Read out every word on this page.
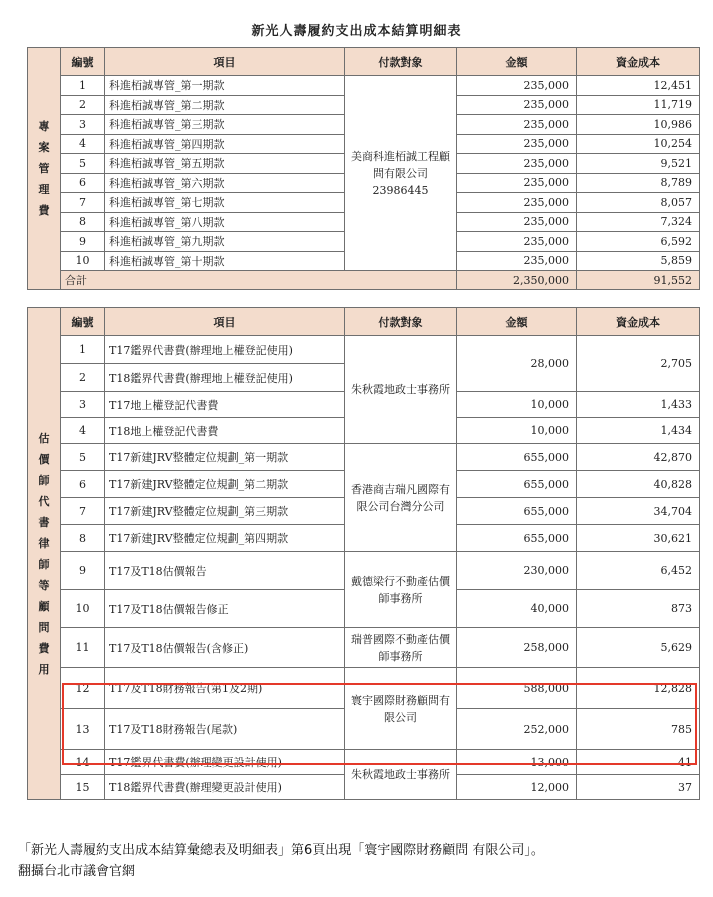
新光人壽履約支出成本結算明細表
專案管理費	編號	項目	付款對象	金額	資金成本
	1	科進栢誠專管_第一期款	美商科進栢誠工程顧問有限公司23986445	235,000	12,451
	2	科進栢誠專管_第二期款		235,000	11,719
	3	科進栢誠專管_第三期款		235,000	10,986
	4	科進栢誠專管_第四期款		235,000	10,254
	5	科進栢誠專管_第五期款		235,000	9,521
	6	科進栢誠專管_第六期款		235,000	8,789
	7	科進栢誠專管_第七期款		235,000	8,057
	8	科進栢誠專管_第八期款		235,000	7,324
	9	科進栢誠專管_第九期款		235,000	6,592
	10	科進栢誠專管_第十期款		235,000	5,859
	合計			2,350,000	91,552
估價師代書律師等顧問費用	編號	項目	付款對象	金額	資金成本
	1	T17鑑界代書費(辦理地上權登記使用)	朱秋霞地政士事務所	28,000	2,705
	2	T18鑑界代書費(辦理地上權登記使用)			
	3	T17地上權登記代書費		10,000	1,433
	4	T18地上權登記代書費		10,000	1,434
	5	T17新建JRV整體定位規劃_第一期款	香港商吉瑞凡國際有限公司台灣分公司	655,000	42,870
	6	T17新建JRV整體定位規劃_第二期款		655,000	40,828
	7	T17新建JRV整體定位規劃_第三期款		655,000	34,704
	8	T17新建JRV整體定位規劃_第四期款		655,000	30,621
	9	T17及T18估價報告	戴德梁行不動產估價師事務所	230,000	6,452
	10	T17及T18估價報告修正		40,000	873
	11	T17及T18估價報告(含修正)	瑞普國際不動產估價師事務所	258,000	5,629
	12	T17及T18財務報告(第1及2期)	寰宇國際財務顧問有限公司	588,000	12,828
	13	T17及T18財務報告(尾款)		252,000	785
	14	T17鑑界代書費(辦理變更設計使用)	朱秋霞地政士事務所	13,000	41
	15	T18鑑界代書費(辦理變更設計使用)		12,000	37
「新光人壽履約支出成本結算彙總表及明細表」第6頁出現「寰宇國際財務顧問 有限公司」。
翻攝台北市議會官網
